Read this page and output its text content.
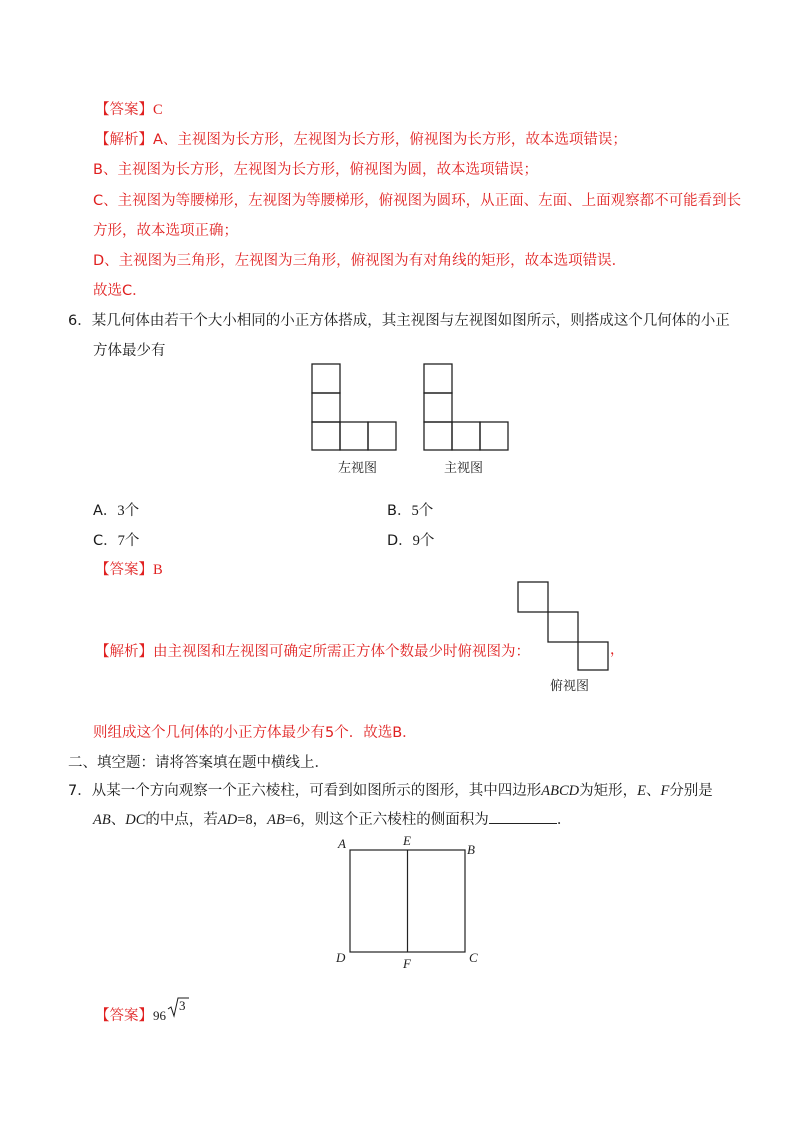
【答案】C
【解析】A、主视图为长方形，左视图为长方形，俯视图为长方形，故本选项错误；
B、主视图为长方形，左视图为长方形，俯视图为圆，故本选项错误；
C、主视图为等腰梯形，左视图为等腰梯形，俯视图为圆环，从正面、左面、上面观察都不可能看到长
方形，故本选项正确；
D、主视图为三角形，左视图为三角形，俯视图为有对角线的矩形，故本选项错误．
故选C．
6．某几何体由若干个大小相同的小正方体搭成，其主视图与左视图如图所示，则搭成这个几何体的小正
方体最少有
左视图	主视图
A．3个	B．5个
C．7个	D．9个
【答案】B
【解析】由主视图和左视图可确定所需正方体个数最少时俯视图为：
俯视图
，
则组成这个几何体的小正方体最少有5个．故选B．
二、填空题：请将答案填在题中横线上．
7．从某一个方向观察一个正六棱柱，可看到如图所示的图形，其中四边形ABCD为矩形，E、F分别是
AB、DC的中点，若AD=8，AB=6，则这个正六棱柱的侧面积为	．
A	E
B
D	F	C
【答案】96
3
